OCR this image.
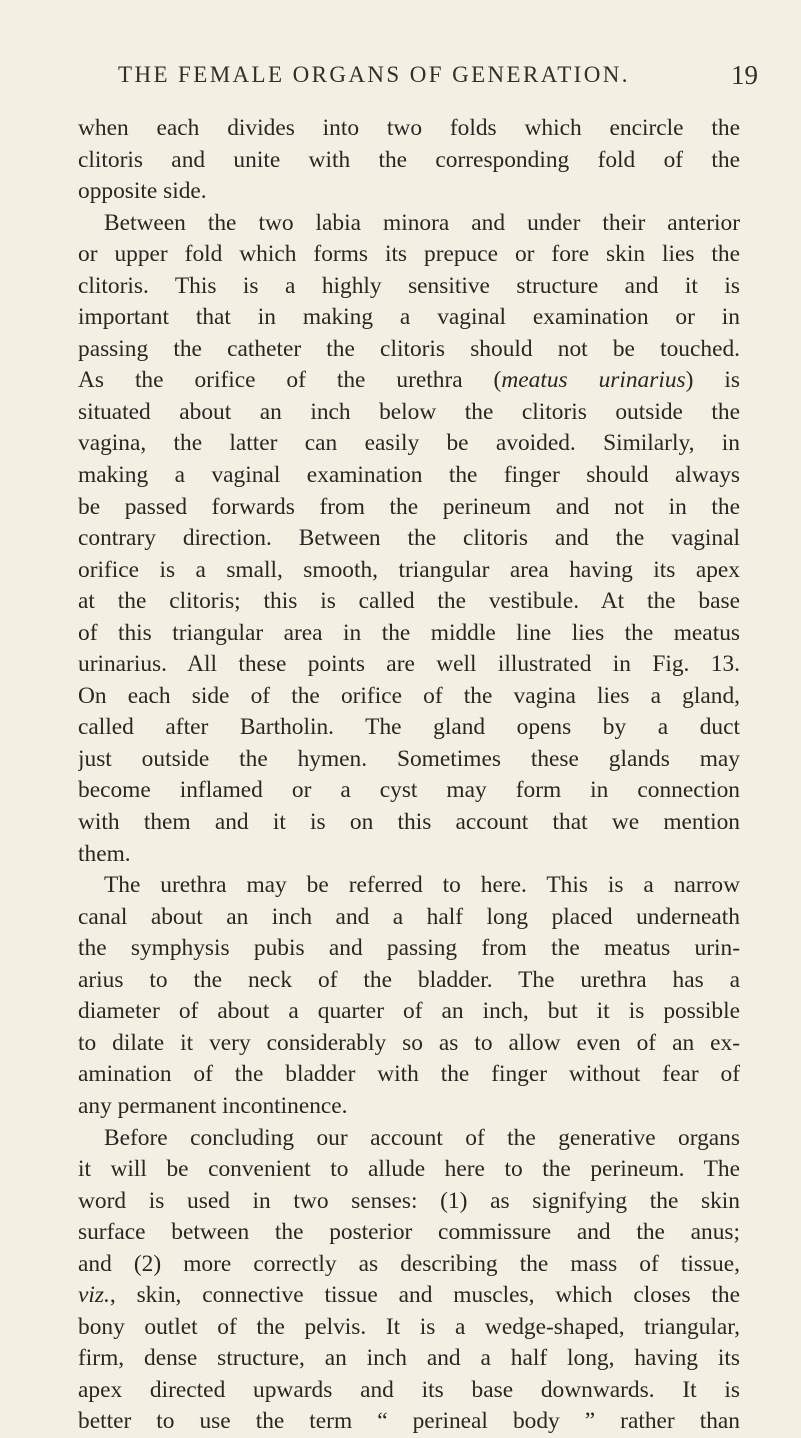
THE FEMALE ORGANS OF GENERATION.	19
when each divides into two folds which encircle the
clitoris and unite with the corresponding fold of the
opposite side.
Between the two labia minora and under their anterior
or upper fold which forms its prepuce or fore skin lies the
clitoris. This is a highly sensitive structure and it is
important that in making a vaginal examination or in
passing the catheter the clitoris should not be touched.
As the orifice of the urethra (meatus urinarius) is
situated about an inch below the clitoris outside the
vagina, the latter can easily be avoided. Similarly, in
making a vaginal examination the finger should always
be passed forwards from the perineum and not in the
contrary direction. Between the clitoris and the vaginal
orifice is a small, smooth, triangular area having its apex
at the clitoris; this is called the vestibule. At the base
of this triangular area in the middle line lies the meatus
urinarius. All these points are well illustrated in Fig. 13.
On each side of the orifice of the vagina lies a gland,
called after Bartholin. The gland opens by a duct
just outside the hymen. Sometimes these glands may
become inflamed or a cyst may form in connection
with them and it is on this account that we mention
them.
The urethra may be referred to here. This is a narrow
canal about an inch and a half long placed underneath
the symphysis pubis and passing from the meatus urin-
arius to the neck of the bladder. The urethra has a
diameter of about a quarter of an inch, but it is possible
to dilate it very considerably so as to allow even of an ex-
amination of the bladder with the finger without fear of
any permanent incontinence.
Before concluding our account of the generative organs
it will be convenient to allude here to the perineum. The
word is used in two senses: (1) as signifying the skin
surface between the posterior commissure and the anus;
and (2) more correctly as describing the mass of tissue,
viz., skin, connective tissue and muscles, which closes the
bony outlet of the pelvis. It is a wedge-shaped, triangular,
firm, dense structure, an inch and a half long, having its
apex directed upwards and its base downwards. It is
better to use the term “ perineal body ” rather than
